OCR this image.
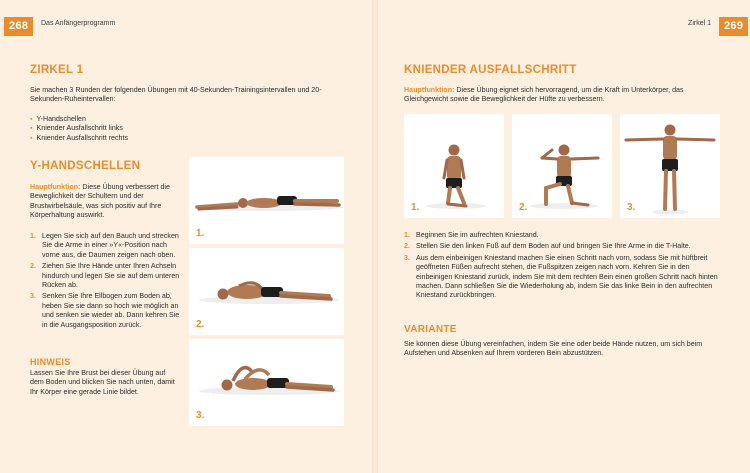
268	Das Anfängerprogramm
ZIRKEL 1
Sie machen 3 Runden der folgenden Übungen mit 40-Sekunden-Trainingsintervallen und 20-Sekunden-Ruheintervallen:
▪ Y-Handschellen
▪ Kniender Ausfallschritt links
▪ Kniender Ausfallschritt rechts
Y-HANDSCHELLEN
Hauptfunktion: Diese Übung verbessert die Beweglichkeit der Schultern und der Brustwirbelsäule, was sich positiv auf Ihre Körperhaltung auswirkt.
1. Legen Sie sich auf den Bauch und strecken Sie die Arme in einer »Y«-Position nach vorne aus, die Daumen zeigen nach oben.
2. Ziehen Sie Ihre Hände unter Ihren Achseln hindurch und legen Sie sie auf dem unteren Rücken ab.
3. Senken Sie Ihre Ellbogen zum Boden ab, heben Sie sie dann so hoch wie möglich an und senken sie wieder ab. Dann kehren Sie in die Ausgangsposition zurück.
HINWEIS
Lassen Sie Ihre Brust bei dieser Übung auf dem Boden und blicken Sie nach unten, damit Ihr Körper eine gerade Linie bildet.
1.
2.
3.
Zirkel 1	269
KNIENDER AUSFALLSCHRITT
Hauptfunktion: Diese Übung eignet sich hervorragend, um die Kraft im Unterkörper, das Gleichgewicht sowie die Beweglichkeit der Hüfte zu verbessern.
1.	2.	3.
1. Beginnen Sie im aufrechten Kniestand.
2. Stellen Sie den linken Fuß auf dem Boden auf und bringen Sie Ihre Arme in die T-Halte.
3. Aus dem einbeinigen Kniestand machen Sie einen Schritt nach vorn, sodass Sie mit hüftbreit geöffneten Füßen aufrecht stehen, die Fußspitzen zeigen nach vorn. Kehren Sie in den einbeinigen Kniestand zurück, indem Sie mit dem rechten Bein einen großen Schritt nach hinten machen. Dann schließen Sie die Wiederholung ab, indem Sie das linke Bein in den aufrechten Kniestand zurückbringen.
VARIANTE
Sie können diese Übung vereinfachen, indem Sie eine oder beide Hände nutzen, um sich beim Aufstehen und Absenken auf Ihrem vorderen Bein abzustützen.
